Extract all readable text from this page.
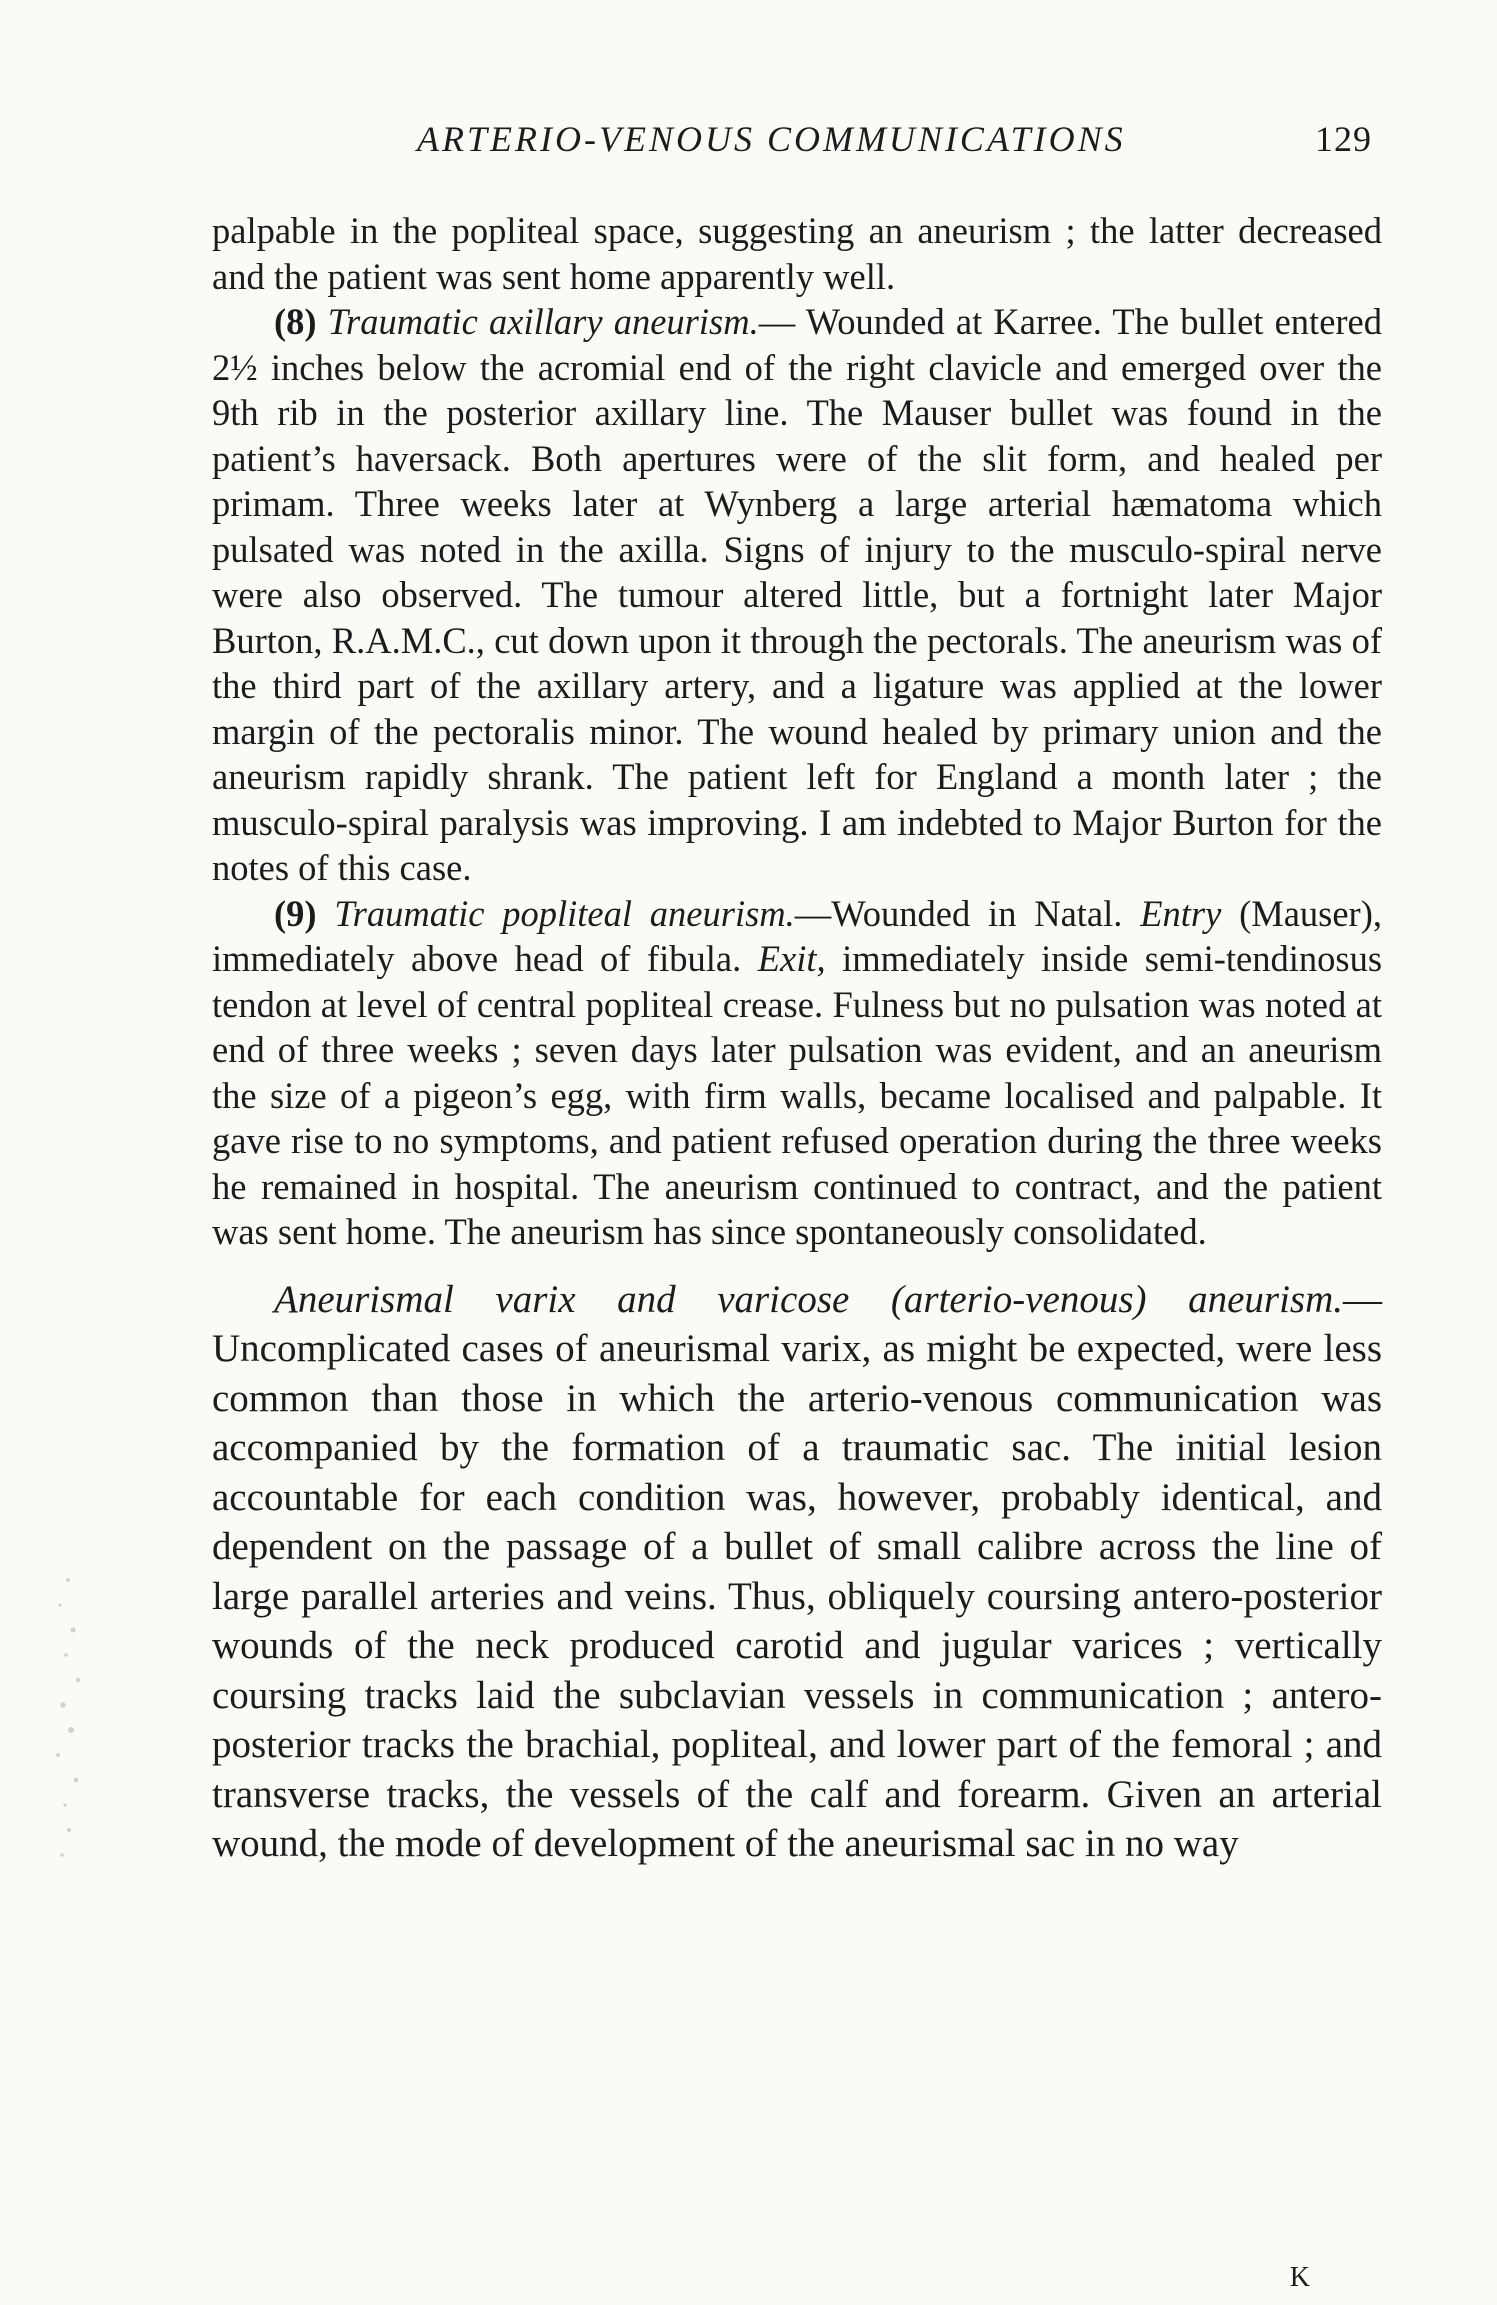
ARTERIO-VENOUS COMMUNICATIONS	129

palpable in the popliteal space, suggesting an aneurism ; the latter decreased and the patient was sent home apparently well.

(8) Traumatic axillary aneurism.— Wounded at Karree. The bullet entered 2½ inches below the acromial end of the right clavicle and emerged over the 9th rib in the posterior axillary line. The Mauser bullet was found in the patient’s haversack. Both apertures were of the slit form, and healed per primam. Three weeks later at Wynberg a large arterial hæmatoma which pulsated was noted in the axilla. Signs of injury to the musculo-spiral nerve were also observed. The tumour altered little, but a fortnight later Major Burton, R.A.M.C., cut down upon it through the pectorals. The aneurism was of the third part of the axillary artery, and a ligature was applied at the lower margin of the pectoralis minor. The wound healed by primary union and the aneurism rapidly shrank. The patient left for England a month later ; the musculo-spiral paralysis was improving. I am indebted to Major Burton for the notes of this case.

(9) Traumatic popliteal aneurism.—Wounded in Natal. Entry (Mauser), immediately above head of fibula. Exit, immediately inside semi-tendinosus tendon at level of central popliteal crease. Fulness but no pulsation was noted at end of three weeks ; seven days later pulsation was evident, and an aneurism the size of a pigeon’s egg, with firm walls, became localised and palpable. It gave rise to no symptoms, and patient refused operation during the three weeks he remained in hospital. The aneurism continued to contract, and the patient was sent home. The aneurism has since spontaneously consolidated.

Aneurismal varix and varicose (arterio-venous) aneurism.—Uncomplicated cases of aneurismal varix, as might be expected, were less common than those in which the arterio-venous communication was accompanied by the formation of a traumatic sac. The initial lesion accountable for each condition was, however, probably identical, and dependent on the passage of a bullet of small calibre across the line of large parallel arteries and veins. Thus, obliquely coursing antero-posterior wounds of the neck produced carotid and jugular varices ; vertically coursing tracks laid the subclavian vessels in communication ; antero-posterior tracks the brachial, popliteal, and lower part of the femoral ; and transverse tracks, the vessels of the calf and forearm. Given an arterial wound, the mode of development of the aneurismal sac in no way

K
